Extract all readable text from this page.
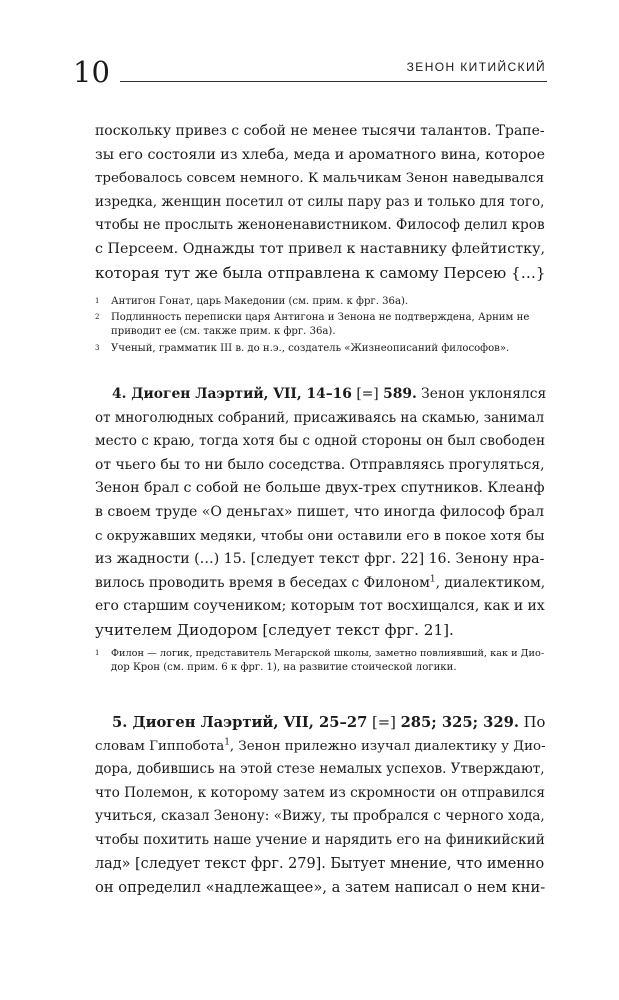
10	ЗЕНОН КИТИЙСКИЙ
поскольку привез с собой не менее тысячи талантов. Трапе-
зы его состояли из хлеба, меда и ароматного вина, которое
требовалось совсем немного. К мальчикам Зенон наведывался
изредка, женщин посетил от силы пару раз и только для того,
чтобы не прослыть женоненавистником. Философ делил кров
с Персеем. Однажды тот привел к наставнику флейтистку,
которая тут же была отправлена к самому Персею {…}
1 Антигон Гонат, царь Македонии (см. прим. к фрг. 36а).
2 Подлинность переписки царя Антигона и Зенона не подтверждена, Арним не
приводит ее (см. также прим. к фрг. 36а).
3 Ученый, грамматик III в. до н.э., создатель «Жизнеописаний философов».
4. Диоген Лаэртий, VII, 14–16 [=] 589. Зенон уклонялся
от многолюдных собраний, присаживаясь на скамью, занимал
место с краю, тогда хотя бы с одной стороны он был свободен
от чьего бы то ни было соседства. Отправляясь прогуляться,
Зенон брал с собой не больше двух-трех спутников. Клеанф
в своем труде «О деньгах» пишет, что иногда философ брал
с окружавших медяки, чтобы они оставили его в покое хотя бы
из жадности (…) 15. [следует текст фрг. 22] 16. Зенону нра-
вилось проводить время в беседах с Филоном$^1$, диалектиком,
его старшим соучеником; которым тот восхищался, как и их
учителем Диодором [следует текст фрг. 21].
1 Филон — логик, представитель Мегарской школы, заметно повлиявший, как и Дио-
дор Крон (см. прим. 6 к фрг. 1), на развитие стоической логики.
5. Диоген Лаэртий, VII, 25–27 [=] 285; 325; 329. По
словам Гиппобота$^1$, Зенон прилежно изучал диалектику у Дио-
дора, добившись на этой стезе немалых успехов. Утверждают,
что Полемон, к которому затем из скромности он отправился
учиться, сказал Зенону: «Вижу, ты пробрался с черного хода,
чтобы похитить наше учение и нарядить его на финикийский
лад» [следует текст фрг. 279]. Бытует мнение, что именно
он определил «надлежащее», а затем написал о нем кни-
